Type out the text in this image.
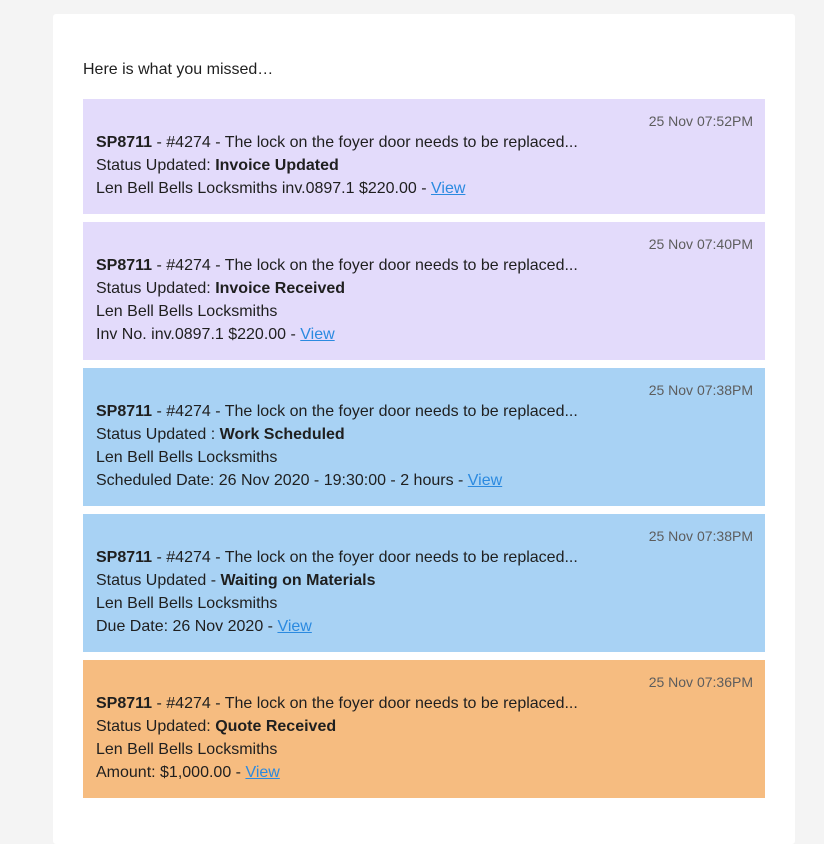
Here is what you missed…
25 Nov 07:52PM
SP8711 - #4274 - The lock on the foyer door needs to be replaced...
Status Updated: Invoice Updated
Len Bell Bells Locksmiths inv.0897.1 $220.00 - View
25 Nov 07:40PM
SP8711 - #4274 - The lock on the foyer door needs to be replaced...
Status Updated: Invoice Received
Len Bell Bells Locksmiths
Inv No. inv.0897.1 $220.00 - View
25 Nov 07:38PM
SP8711 - #4274 - The lock on the foyer door needs to be replaced...
Status Updated : Work Scheduled
Len Bell Bells Locksmiths
Scheduled Date: 26 Nov 2020 - 19:30:00 - 2 hours - View
25 Nov 07:38PM
SP8711 - #4274 - The lock on the foyer door needs to be replaced...
Status Updated - Waiting on Materials
Len Bell Bells Locksmiths
Due Date: 26 Nov 2020 - View
25 Nov 07:36PM
SP8711 - #4274 - The lock on the foyer door needs to be replaced...
Status Updated: Quote Received
Len Bell Bells Locksmiths
Amount: $1,000.00 - View
